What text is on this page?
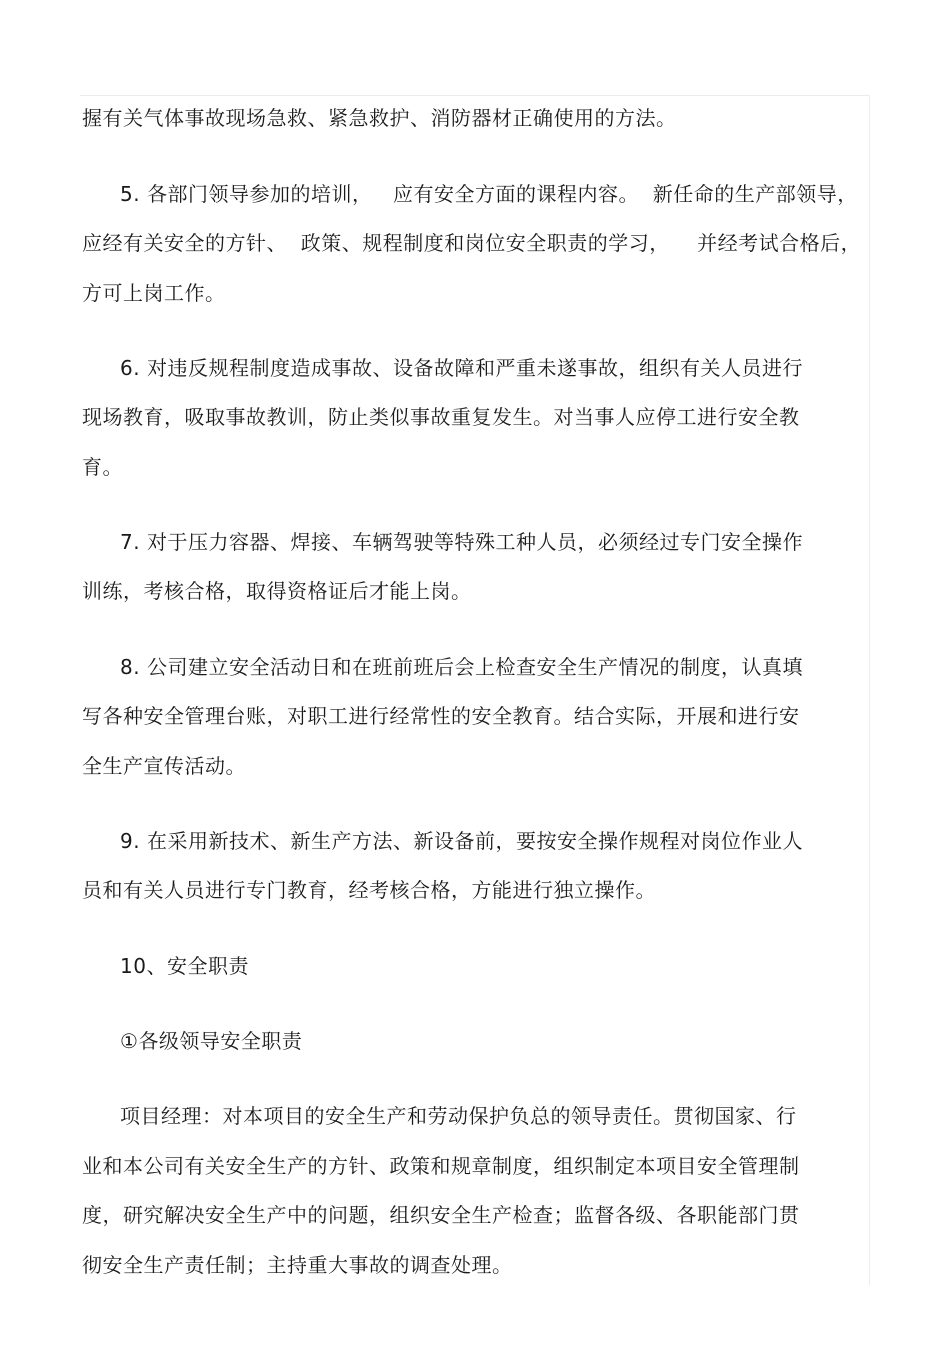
握有关气体事故现场急救、紧急救护、消防器材正确使用的方法。
5. 各部门领导参加的培训，   应有安全方面的课程内容。  新任命的生产部领导，
应经有关安全的方针、  政策、规程制度和岗位安全职责的学习，    并经考试合格后，
方可上岗工作。
6. 对违反规程制度造成事故、设备故障和严重未遂事故，组织有关人员进行
现场教育，吸取事故教训，防止类似事故重复发生。对当事人应停工进行安全教
育。
7. 对于压力容器、焊接、车辆驾驶等特殊工种人员，必须经过专门安全操作
训练，考核合格，取得资格证后才能上岗。
8. 公司建立安全活动日和在班前班后会上检查安全生产情况的制度，认真填
写各种安全管理台账，对职工进行经常性的安全教育。结合实际，开展和进行安
全生产宣传活动。
9. 在采用新技术、新生产方法、新设备前，要按安全操作规程对岗位作业人
员和有关人员进行专门教育，经考核合格，方能进行独立操作。
10、安全职责
①各级领导安全职责
项目经理：对本项目的安全生产和劳动保护负总的领导责任。贯彻国家、行
业和本公司有关安全生产的方针、政策和规章制度，组织制定本项目安全管理制
度，研究解决安全生产中的问题，组织安全生产检查；监督各级、各职能部门贯
彻安全生产责任制；主持重大事故的调查处理。
